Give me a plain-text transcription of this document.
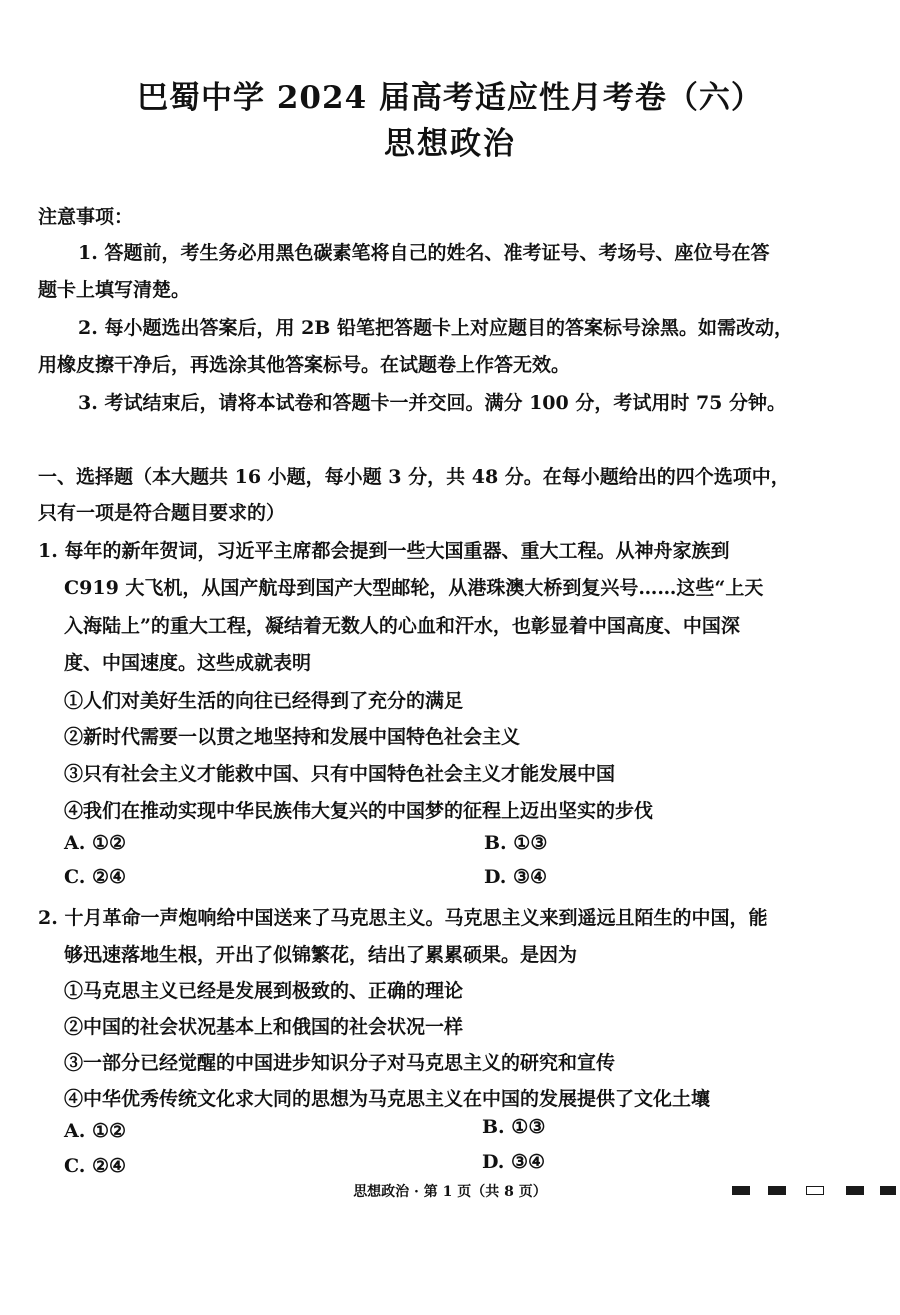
巴蜀中学 2024 届高考适应性月考卷（六）
思想政治
注意事项：
1. 答题前，考生务必用黑色碳素笔将自己的姓名、准考证号、考场号、座位号在答
题卡上填写清楚。
2. 每小题选出答案后，用 2B 铅笔把答题卡上对应题目的答案标号涂黑。如需改动，
用橡皮擦干净后，再选涂其他答案标号。在试题卷上作答无效。
3. 考试结束后，请将本试卷和答题卡一并交回。满分 100 分，考试用时 75 分钟。
一、选择题（本大题共 16 小题，每小题 3 分，共 48 分。在每小题给出的四个选项中，
只有一项是符合题目要求的）
1. 每年的新年贺词，习近平主席都会提到一些大国重器、重大工程。从神舟家族到
C919 大飞机，从国产航母到国产大型邮轮，从港珠澳大桥到复兴号……这些“上天
入海陆上”的重大工程，凝结着无数人的心血和汗水，也彰显着中国高度、中国深
度、中国速度。这些成就表明
①人们对美好生活的向往已经得到了充分的满足
②新时代需要一以贯之地坚持和发展中国特色社会主义
③只有社会主义才能救中国、只有中国特色社会主义才能发展中国
④我们在推动实现中华民族伟大复兴的中国梦的征程上迈出坚实的步伐
A. ①②	B. ①③
C. ②④	D. ③④
2. 十月革命一声炮响给中国送来了马克思主义。马克思主义来到遥远且陌生的中国，能
够迅速落地生根，开出了似锦繁花，结出了累累硕果。是因为
①马克思主义已经是发展到极致的、正确的理论
②中国的社会状况基本上和俄国的社会状况一样
③一部分已经觉醒的中国进步知识分子对马克思主义的研究和宣传
④中华优秀传统文化求大同的思想为马克思主义在中国的发展提供了文化土壤
A. ①②	B. ①③
C. ②④	D. ③④
思想政治 · 第 1 页（共 8 页）
